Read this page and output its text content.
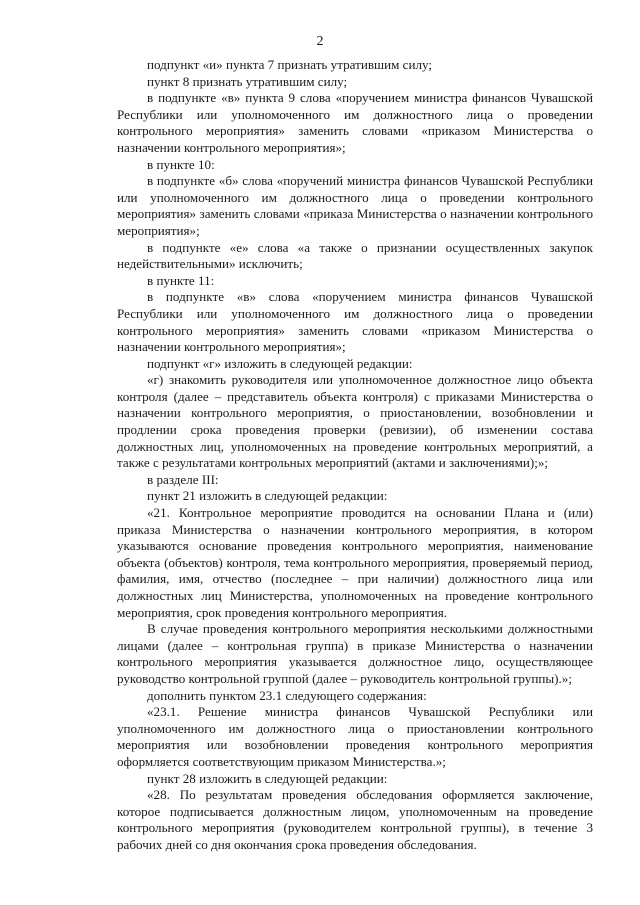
2

подпункт «и» пункта 7 признать утратившим силу;

пункт 8 признать утратившим силу;

в подпункте «в» пункта 9 слова «поручением министра финансов Чувашской Республики или уполномоченного им должностного лица о проведении контрольного мероприятия» заменить словами «приказом Министерства о назначении контрольного мероприятия»;

в пункте 10:

в подпункте «б» слова «поручений министра финансов Чувашской Республики или уполномоченного им должностного лица о проведении контрольного мероприятия» заменить словами «приказа Министерства о назначении контрольного мероприятия»;

в подпункте «е» слова «а также о признании осуществленных закупок недействительными» исключить;

в пункте 11:

в подпункте «в» слова «поручением министра финансов Чувашской Республики или уполномоченного им должностного лица о проведении контрольного мероприятия» заменить словами «приказом Министерства о назначении контрольного мероприятия»;

подпункт «г» изложить в следующей редакции:

«г) знакомить руководителя или уполномоченное должностное лицо объекта контроля (далее – представитель объекта контроля) с приказами Министерства о назначении контрольного мероприятия, о приостановлении, возобновлении и продлении срока проведения проверки (ревизии), об изменении состава должностных лиц, уполномоченных на проведение контрольных мероприятий, а также с результатами контрольных мероприятий (актами и заключениями);»;

в разделе III:

пункт 21 изложить в следующей редакции:

«21. Контрольное мероприятие проводится на основании Плана и (или) приказа Министерства о назначении контрольного мероприятия, в котором указываются основание проведения контрольного мероприятия, наименование объекта (объектов) контроля, тема контрольного мероприятия, проверяемый период, фамилия, имя, отчество (последнее – при наличии) должностного лица или должностных лиц Министерства, уполномоченных на проведение контрольного мероприятия, срок проведения контрольного мероприятия.

В случае проведения контрольного мероприятия несколькими должностными лицами (далее – контрольная группа) в приказе Министерства о назначении контрольного мероприятия указывается должностное лицо, осуществляющее руководство контрольной группой (далее – руководитель контрольной группы).»;

дополнить пунктом 23.1 следующего содержания:

«23.1. Решение министра финансов Чувашской Республики или уполномоченного им должностного лица о приостановлении контрольного мероприятия или возобновлении проведения контрольного мероприятия оформляется соответствующим приказом Министерства.»;

пункт 28 изложить в следующей редакции:

«28. По результатам проведения обследования оформляется заключение, которое подписывается должностным лицом, уполномоченным на проведение контрольного мероприятия (руководителем контрольной группы), в течение 3 рабочих дней со дня окончания срока проведения обследования.
